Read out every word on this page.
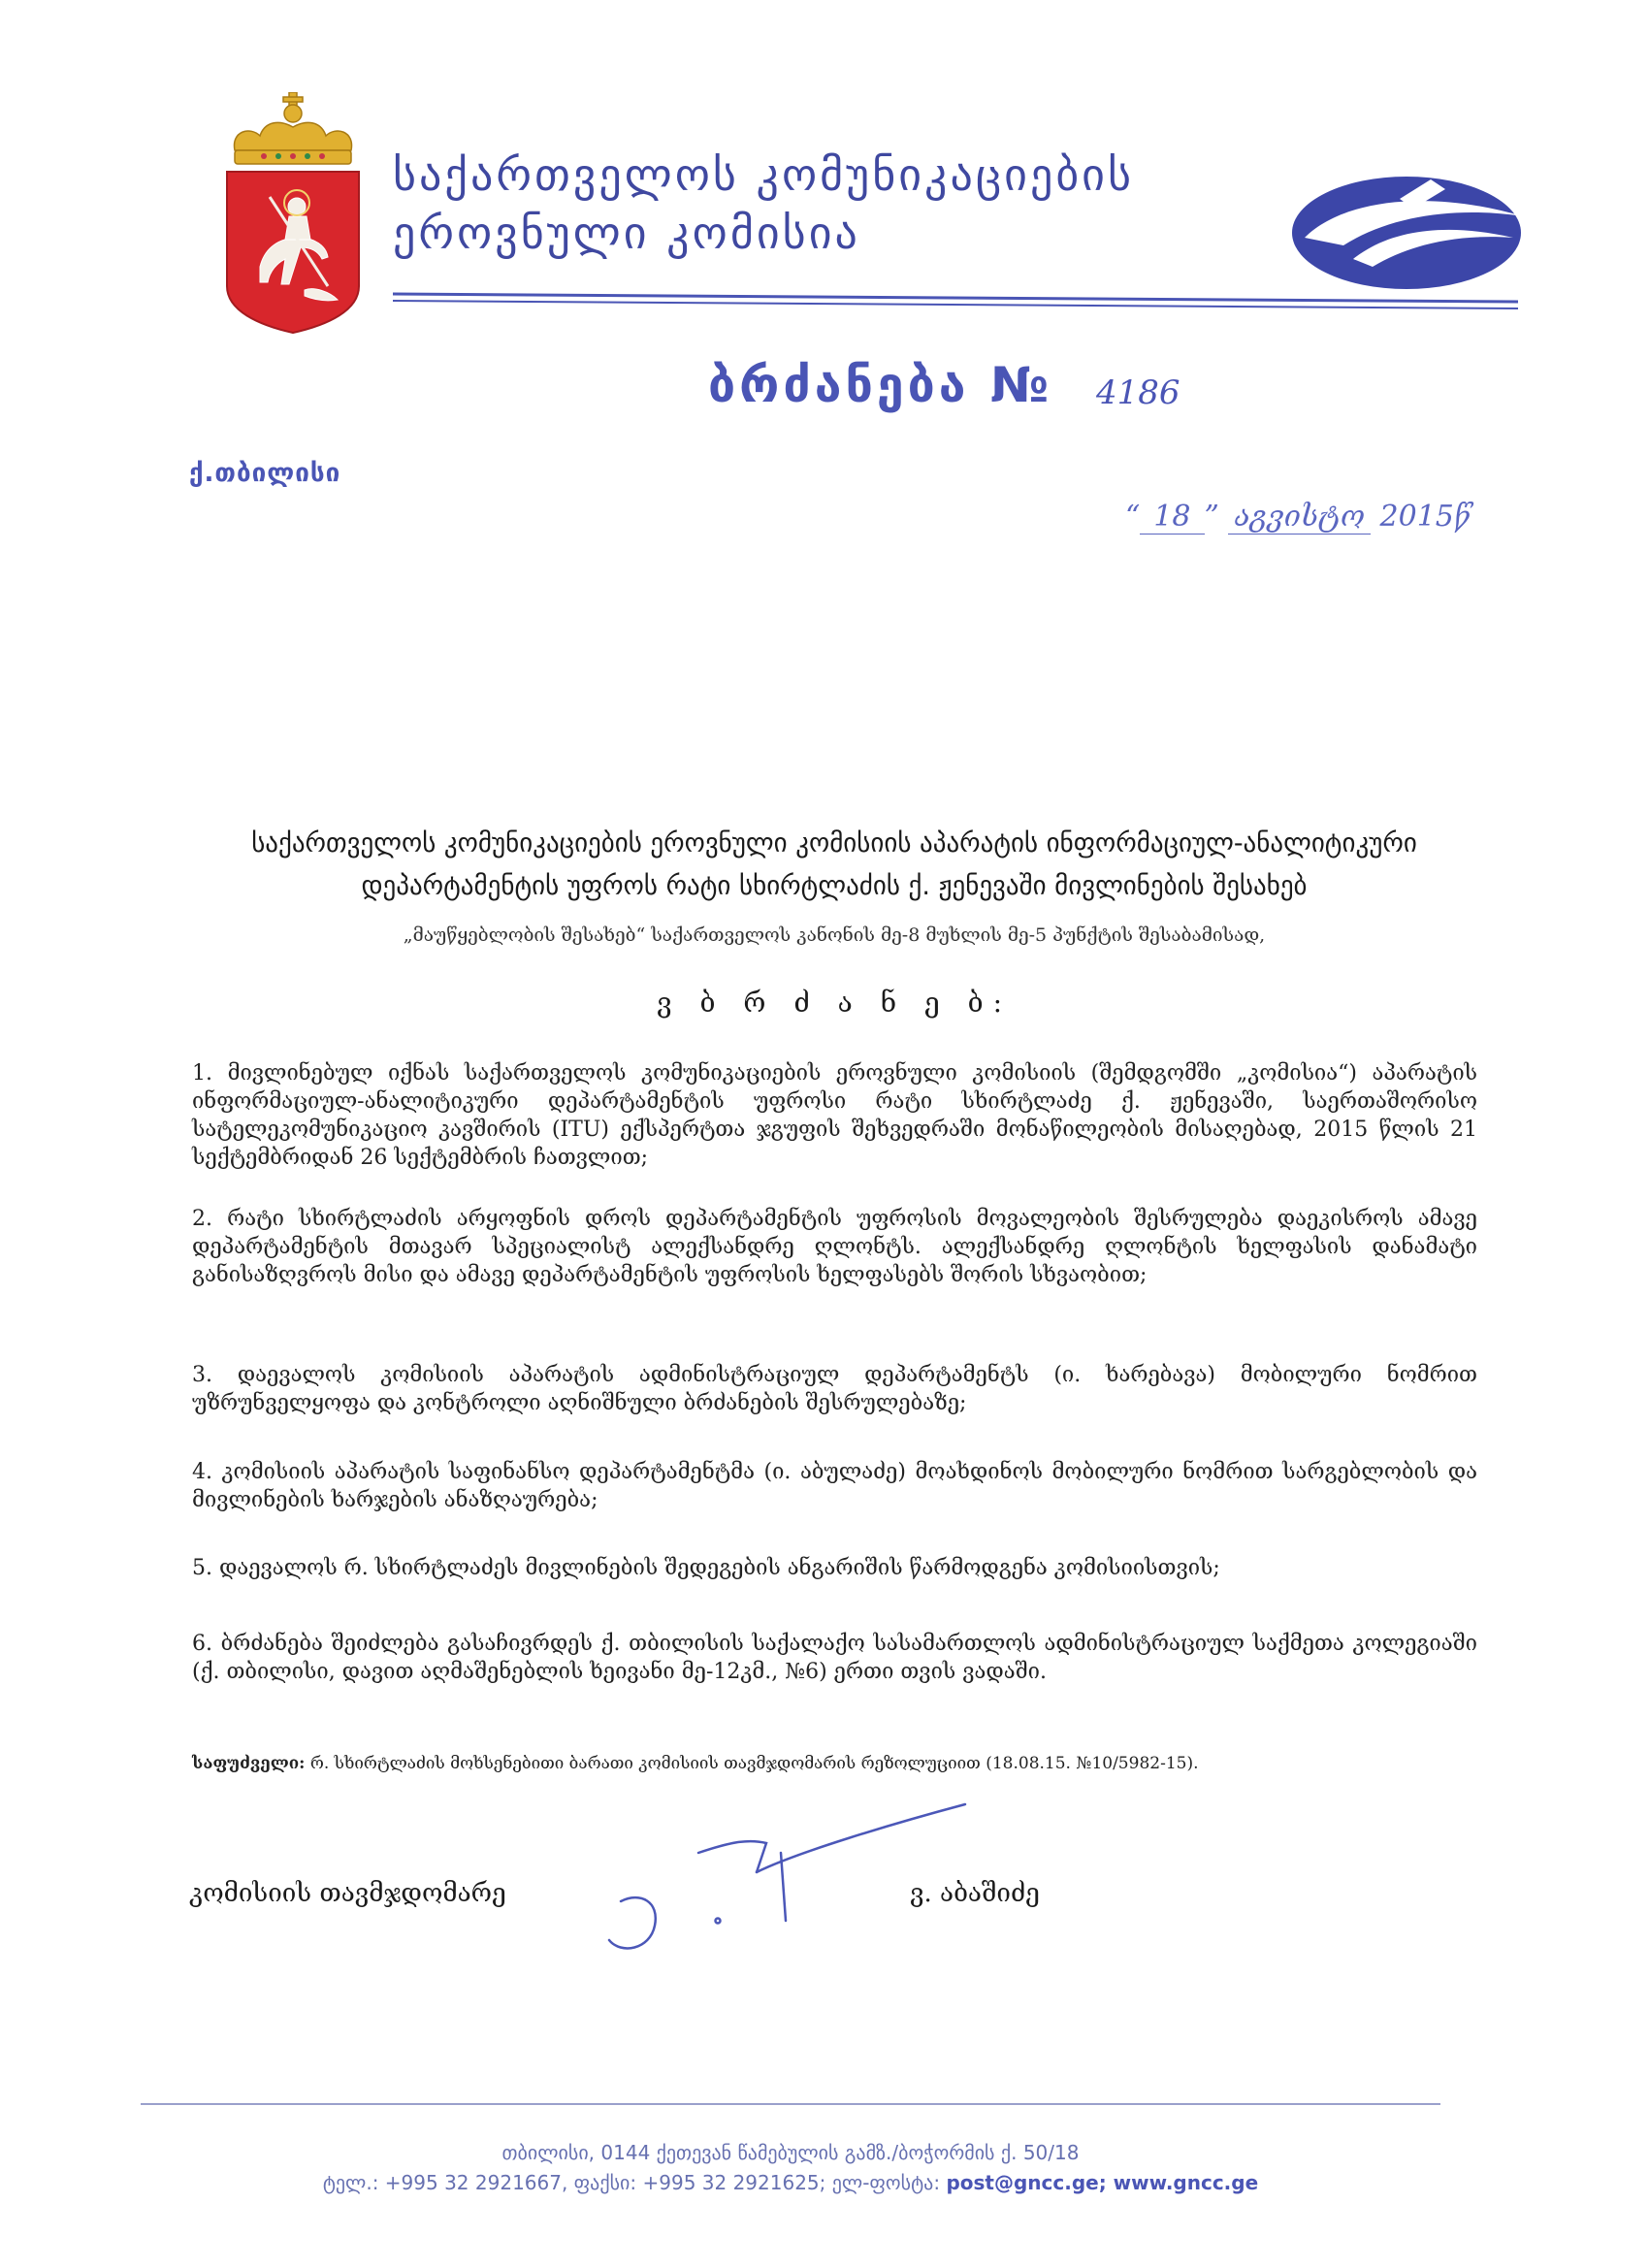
საქართველოს კომუნიკაციების
ეროვნული კომისია
ბრძანება № 4186
ქ.თბილისი
“ 18 ” აგვისტო 2015წ
საქართველოს კომუნიკაციების ეროვნული კომისიის აპარატის ინფორმაციულ-ანალიტიკური
დეპარტამენტის უფროს რატი სხირტლაძის ქ. ჟენევაში მივლინების შესახებ
„მაუწყებლობის შესახებ“ საქართველოს კანონის მე-8 მუხლის მე-5 პუნქტის შესაბამისად,
ვ ბ რ ძ ა ნ ე ბ:
1. მივლინებულ იქნას საქართველოს კომუნიკაციების ეროვნული კომისიის (შემდგომში „კომისია“) აპარატის ინფორმაციულ-ანალიტიკური დეპარტამენტის უფროსი რატი სხირტლაძე ქ. ჟენევაში, საერთაშორისო სატელეკომუნიკაციო კავშირის (ITU) ექსპერტთა ჯგუფის შეხვედრაში მონაწილეობის მისაღებად, 2015 წლის 21 სექტემბრიდან 26 სექტემბრის ჩათვლით;
2. რატი სხირტლაძის არყოფნის დროს დეპარტამენტის უფროსის მოვალეობის შესრულება დაეკისროს ამავე დეპარტამენტის მთავარ სპეციალისტ ალექსანდრე ღლონტს. ალექსანდრე ღლონტის ხელფასის დანამატი განისაზღვროს მისი და ამავე დეპარტამენტის უფროსის ხელფასებს შორის სხვაობით;
3. დაევალოს კომისიის აპარატის ადმინისტრაციულ დეპარტამენტს (ი. ხარებავა) მობილური ნომრით უზრუნველყოფა და კონტროლი აღნიშნული ბრძანების შესრულებაზე;
4. კომისიის აპარატის საფინანსო დეპარტამენტმა (ი. აბულაძე) მოახდინოს მობილური ნომრით სარგებლობის და მივლინების ხარჯების ანაზღაურება;
5. დაევალოს რ. სხირტლაძეს მივლინების შედეგების ანგარიშის წარმოდგენა კომისიისთვის;
6. ბრძანება შეიძლება გასაჩივრდეს ქ. თბილისის საქალაქო სასამართლოს ადმინისტრაციულ საქმეთა კოლეგიაში (ქ. თბილისი, დავით აღმაშენებლის ხეივანი მე-12კმ., №6) ერთი თვის ვადაში.
საფუძველი: რ. სხირტლაძის მოხსენებითი ბარათი კომისიის თავმჯდომარის რეზოლუციით (18.08.15. №10/5982-15).
კომისიის თავმჯდომარე	ვ. აბაშიძე
თბილისი, 0144 ქეთევან წამებულის გამზ./ბოჭორმის ქ. 50/18
ტელ.: +995 32 2921667, ფაქსი: +995 32 2921625; ელ-ფოსტა: post@gncc.ge; www.gncc.ge
